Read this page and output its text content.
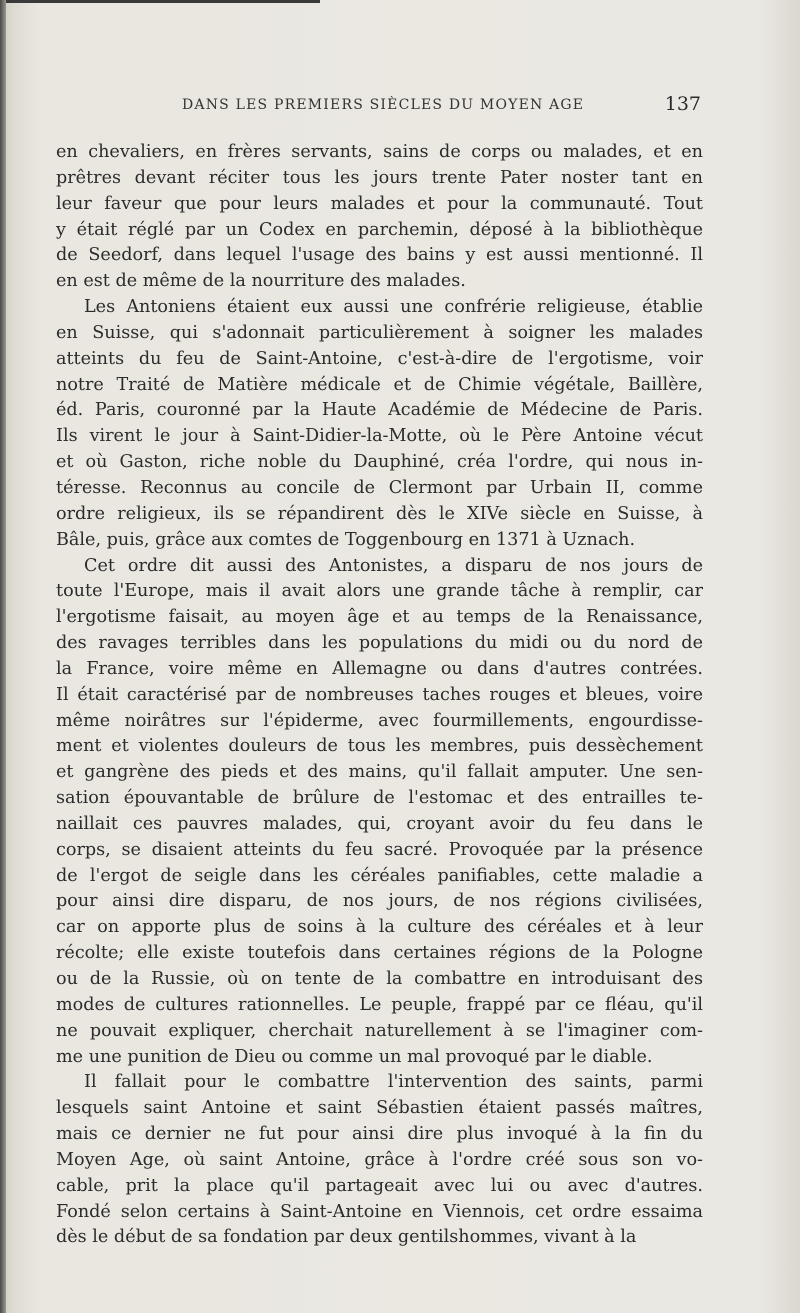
DANS LES PREMIERS SIÈCLES DU MOYEN AGE	137
en chevaliers, en frères servants, sains de corps ou malades, et en
prêtres devant réciter tous les jours trente Pater noster tant en
leur faveur que pour leurs malades et pour la communauté. Tout
y était réglé par un Codex en parchemin, déposé à la bibliothèque
de Seedorf, dans lequel l'usage des bains y est aussi mentionné. Il
en est de même de la nourriture des malades.
Les Antoniens étaient eux aussi une confrérie religieuse, établie
en Suisse, qui s'adonnait particulièrement à soigner les malades
atteints du feu de Saint-Antoine, c'est-à-dire de l'ergotisme, voir
notre Traité de Matière médicale et de Chimie végétale, Baillère,
éd. Paris, couronné par la Haute Académie de Médecine de Paris.
Ils virent le jour à Saint-Didier-la-Motte, où le Père Antoine vécut
et où Gaston, riche noble du Dauphiné, créa l'ordre, qui nous in-
téresse. Reconnus au concile de Clermont par Urbain II, comme
ordre religieux, ils se répandirent dès le XIVe siècle en Suisse, à
Bâle, puis, grâce aux comtes de Toggenbourg en 1371 à Uznach.
Cet ordre dit aussi des Antonistes, a disparu de nos jours de
toute l'Europe, mais il avait alors une grande tâche à remplir, car
l'ergotisme faisait, au moyen âge et au temps de la Renaissance,
des ravages terribles dans les populations du midi ou du nord de
la France, voire même en Allemagne ou dans d'autres contrées.
Il était caractérisé par de nombreuses taches rouges et bleues, voire
même noirâtres sur l'épiderme, avec fourmillements, engourdisse-
ment et violentes douleurs de tous les membres, puis dessèchement
et gangrène des pieds et des mains, qu'il fallait amputer. Une sen-
sation épouvantable de brûlure de l'estomac et des entrailles te-
naillait ces pauvres malades, qui, croyant avoir du feu dans le
corps, se disaient atteints du feu sacré. Provoquée par la présence
de l'ergot de seigle dans les céréales panifiables, cette maladie a
pour ainsi dire disparu, de nos jours, de nos régions civilisées,
car on apporte plus de soins à la culture des céréales et à leur
récolte; elle existe toutefois dans certaines régions de la Pologne
ou de la Russie, où on tente de la combattre en introduisant des
modes de cultures rationnelles. Le peuple, frappé par ce fléau, qu'il
ne pouvait expliquer, cherchait naturellement à se l'imaginer com-
me une punition de Dieu ou comme un mal provoqué par le diable.
Il fallait pour le combattre l'intervention des saints, parmi
lesquels saint Antoine et saint Sébastien étaient passés maîtres,
mais ce dernier ne fut pour ainsi dire plus invoqué à la fin du
Moyen Age, où saint Antoine, grâce à l'ordre créé sous son vo-
cable, prit la place qu'il partageait avec lui ou avec d'autres.
Fondé selon certains à Saint-Antoine en Viennois, cet ordre essaima
dès le début de sa fondation par deux gentilshommes, vivant à la
